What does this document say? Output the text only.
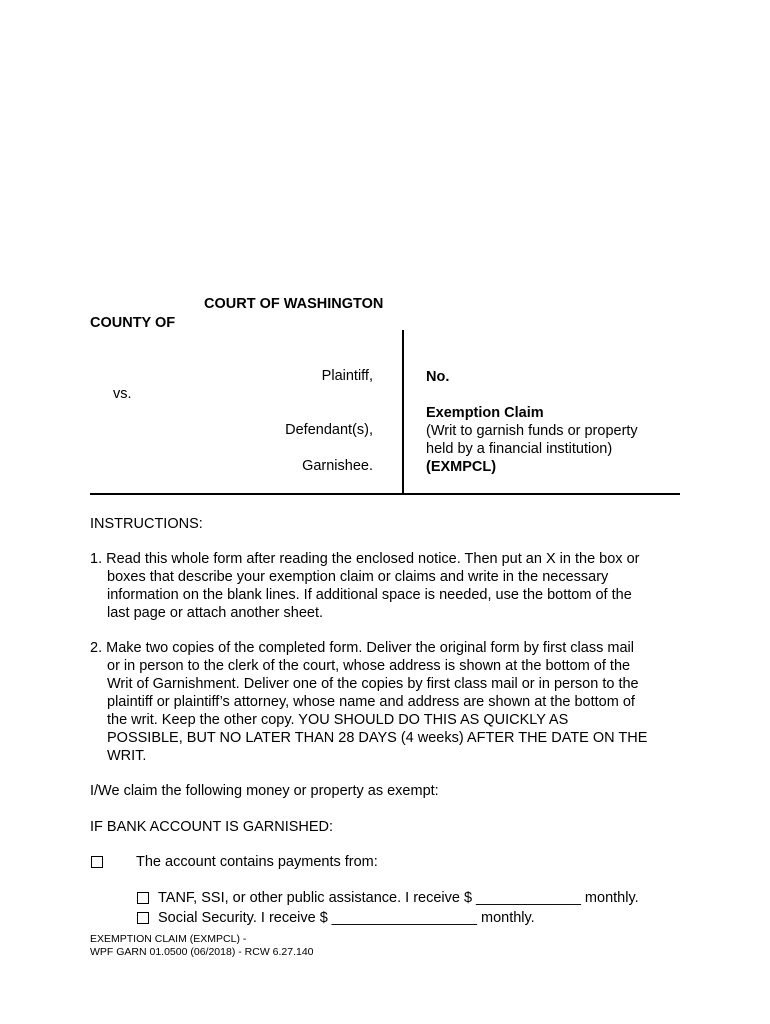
COURT OF WASHINGTON
COUNTY OF
Plaintiff,
vs.
Defendant(s),
Garnishee.
No.
Exemption Claim
(Writ to garnish funds or property
held by a financial institution)
(EXMPCL)
INSTRUCTIONS:

1. Read this whole form after reading the enclosed notice. Then put an X in the box or

boxes that describe your exemption claim or claims and write in the necessary

information on the blank lines. If additional space is needed, use the bottom of the

last page or attach another sheet.

2. Make two copies of the completed form. Deliver the original form by first class mail

or in person to the clerk of the court, whose address is shown at the bottom of the

Writ of Garnishment. Deliver one of the copies by first class mail or in person to the

plaintiff or plaintiff’s attorney, whose name and address are shown at the bottom of

the writ. Keep the other copy. YOU SHOULD DO THIS AS QUICKLY AS

POSSIBLE, BUT NO LATER THAN 28 DAYS (4 weeks) AFTER THE DATE ON THE

WRIT.

I/We claim the following money or property as exempt:
IF BANK ACCOUNT IS GARNISHED:
The account contains payments from:
TANF, SSI, or other public assistance. I receive $ _____________ monthly.
Social Security. I receive $ __________________ monthly.
EXEMPTION CLAIM (EXMPCL) -
WPF GARN 01.0500 (06/2018) - RCW 6.27.140
